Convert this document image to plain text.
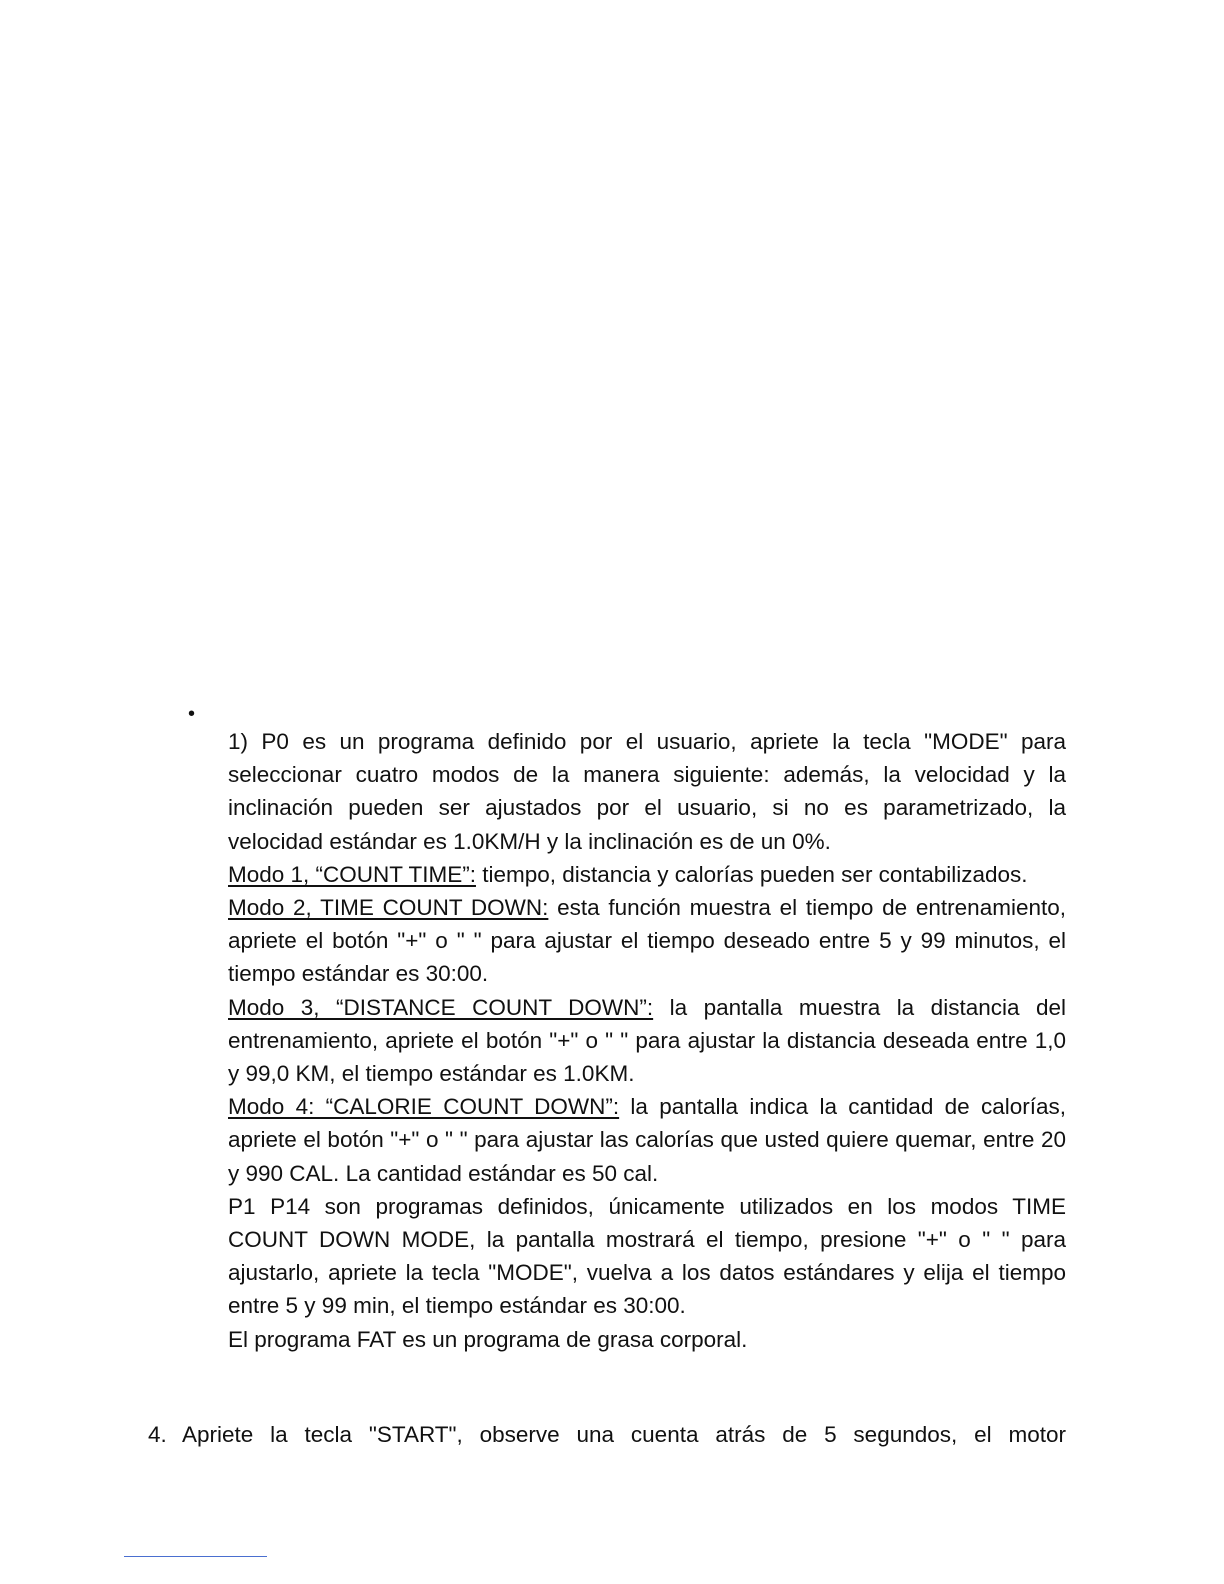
•

1) P0 es un programa definido por el usuario, apriete la tecla "MODE" para seleccionar cuatro modos de la manera siguiente: además, la velocidad y la inclinación pueden ser ajustados por el usuario, si no es parametrizado, la velocidad estándar es 1.0KM/H y la inclinación es de un 0%.

Modo 1, “COUNT TIME”: tiempo, distancia y calorías pueden ser contabilizados.

Modo 2, TIME COUNT DOWN: esta función muestra el tiempo de entrenamiento, apriete el botón "+" o " " para ajustar el tiempo deseado entre 5 y 99 minutos, el tiempo estándar es 30:00.

Modo 3, “DISTANCE COUNT DOWN”: la pantalla muestra la distancia del entrenamiento, apriete el botón "+" o " " para ajustar la distancia deseada entre 1,0 y 99,0 KM, el tiempo estándar es 1.0KM.

Modo 4: “CALORIE COUNT DOWN”: la pantalla indica la cantidad de calorías, apriete el botón "+" o " " para ajustar las calorías que usted quiere quemar, entre 20 y 990 CAL. La cantidad estándar es 50 cal.

P1 P14 son programas definidos, únicamente utilizados en los modos TIME COUNT DOWN MODE, la pantalla mostrará el tiempo, presione "+" o " " para ajustarlo, apriete la tecla "MODE", vuelva a los datos estándares y elija el tiempo entre 5 y 99 min, el tiempo estándar es 30:00.

El programa FAT es un programa de grasa corporal.

4. Apriete la tecla "START", observe una cuenta atrás de 5 segundos, el motor
